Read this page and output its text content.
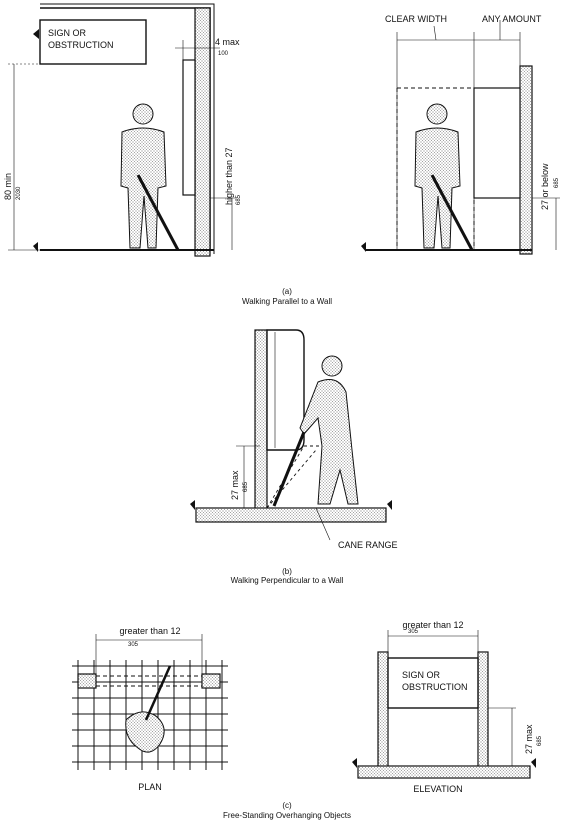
SIGN OR
OBSTRUCTION	4 max
100
80 min 2030	higher than 27 685
CLEAR WIDTH	ANY AMOUNT
27 or below 685
(a)
Walking Parallel to a Wall
27 max 685
CANE RANGE
(b)
Walking Perpendicular to a Wall
greater than 12
305
PLAN
greater than 12
305
SIGN OR
OBSTRUCTION
27 max 685
ELEVATION
(c)
Free-Standing Overhanging Objects
